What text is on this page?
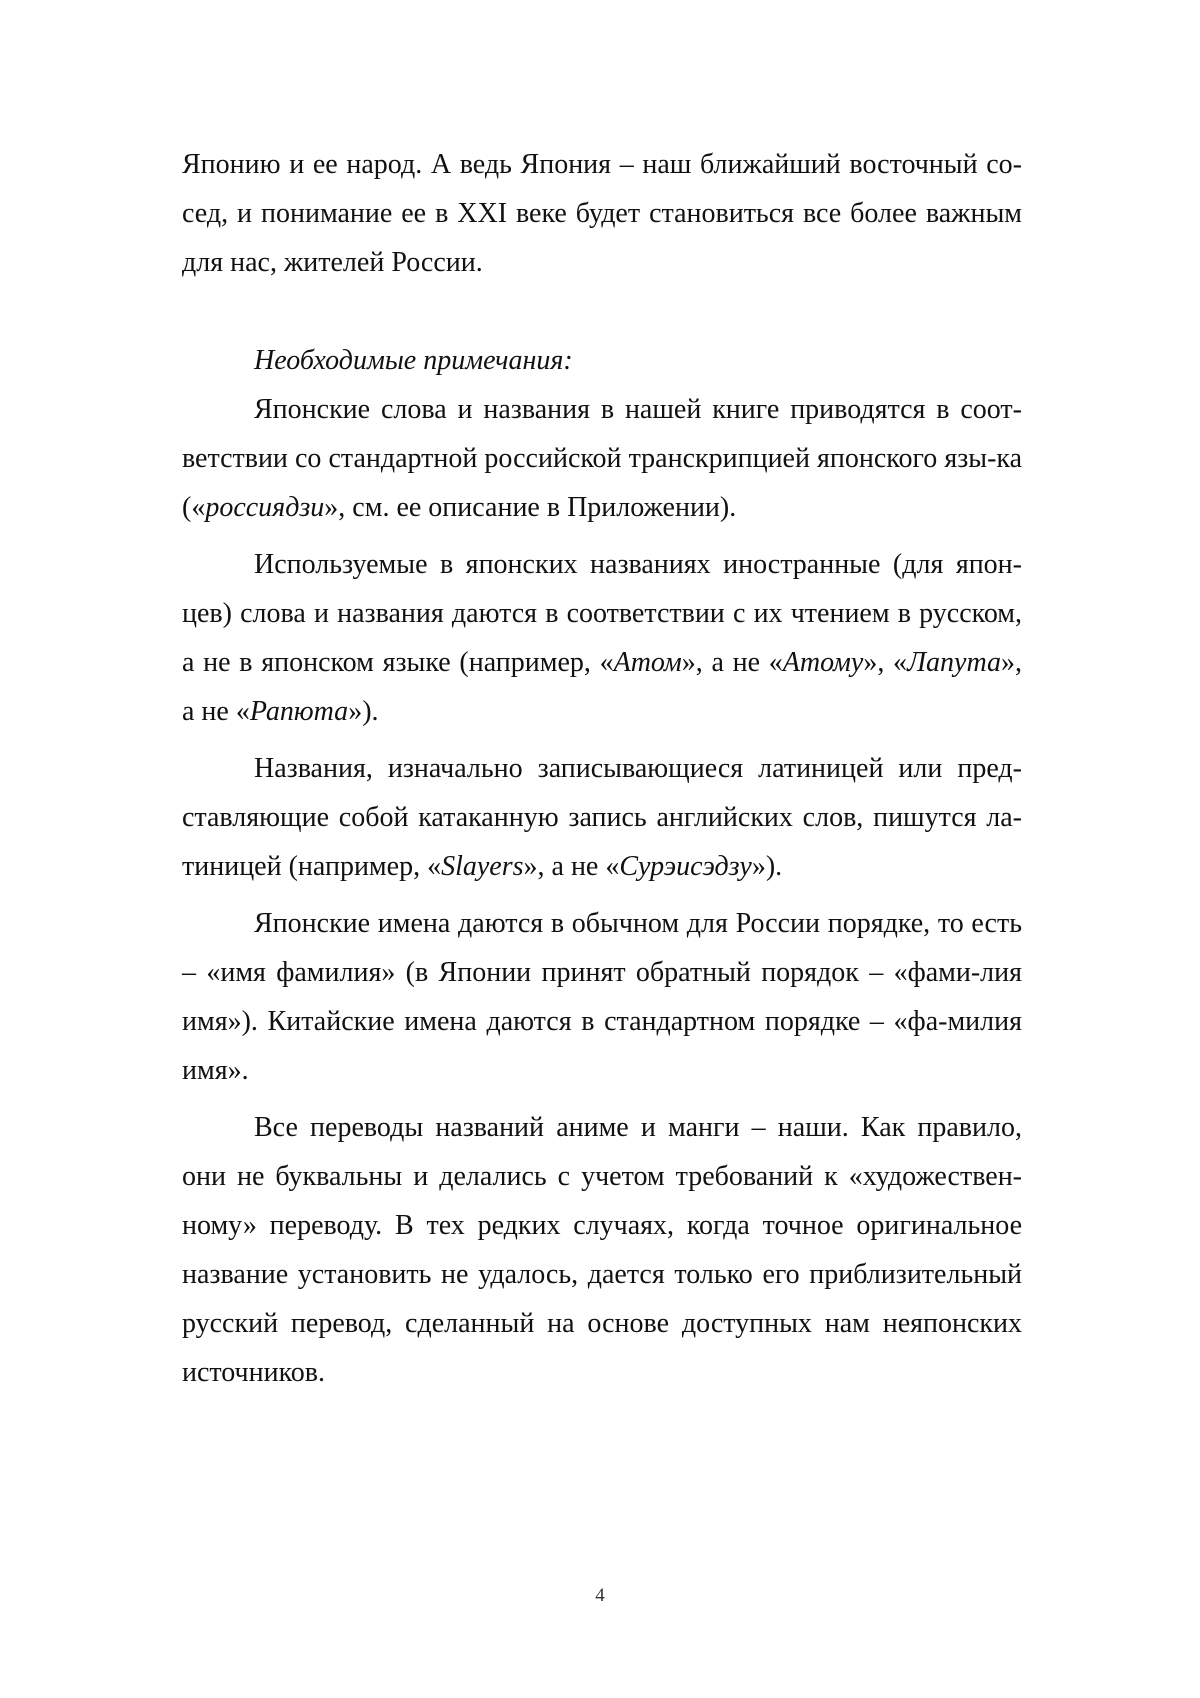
Японию и ее народ. А ведь Япония – наш ближайший восточный со-сед, и понимание ее в XXI веке будет становиться все более важным для нас, жителей России.

Необходимые примечания:

Японские слова и названия в нашей книге приводятся в соот-ветствии со стандартной российской транскрипцией японского язы-ка («россиядзи», см. ее описание в Приложении).

Используемые в японских названиях иностранные (для япон-цев) слова и названия даются в соответствии с их чтением в русском, а не в японском языке (например, «Атом», а не «Атому», «Лапута», а не «Рапюта»).

Названия, изначально записывающиеся латиницей или пред-ставляющие собой катаканную запись английских слов, пишутся ла-тиницей (например, «Slayers», а не «Сурэисэдзу»).

Японские имена даются в обычном для России порядке, то есть – «имя фамилия» (в Японии принят обратный порядок – «фами-лия имя»). Китайские имена даются в стандартном порядке – «фа-милия имя».

Все переводы названий аниме и манги – наши. Как правило, они не буквальны и делались с учетом требований к «художествен-ному» переводу. В тех редких случаях, когда точное оригинальное название установить не удалось, дается только его приблизительный русский перевод, сделанный на основе доступных нам неяпонских источников.

4
